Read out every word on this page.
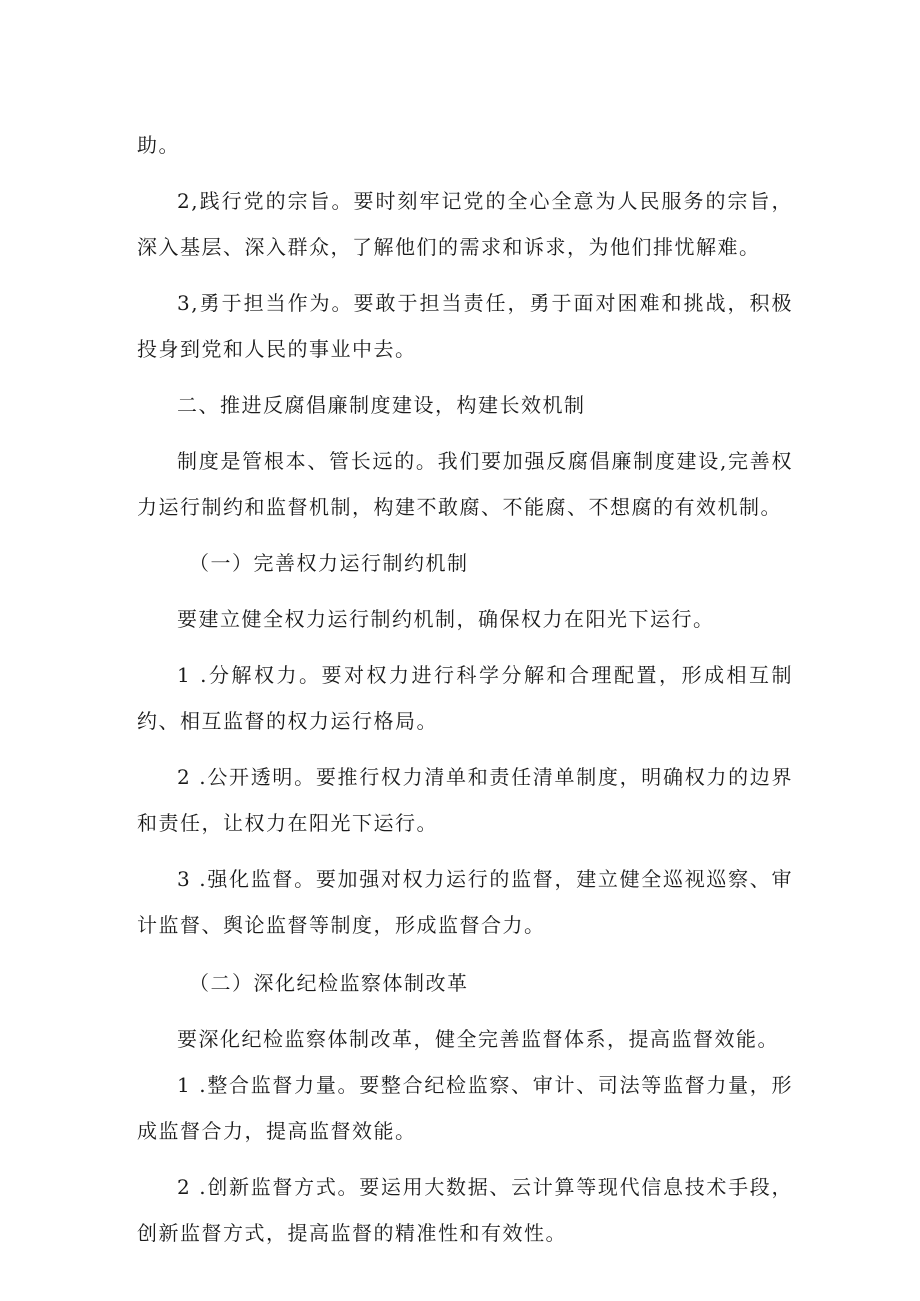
助。

2,践行党的宗旨。要时刻牢记党的全心全意为人民服务的宗旨，深入基层、深入群众，了解他们的需求和诉求，为他们排忧解难。

3,勇于担当作为。要敢于担当责任，勇于面对困难和挑战，积极投身到党和人民的事业中去。

二、推进反腐倡廉制度建设，构建长效机制

制度是管根本、管长远的。我们要加强反腐倡廉制度建设,完善权力运行制约和监督机制，构建不敢腐、不能腐、不想腐的有效机制。

（一）完善权力运行制约机制

要建立健全权力运行制约机制，确保权力在阳光下运行。

1 .分解权力。要对权力进行科学分解和合理配置，形成相互制约、相互监督的权力运行格局。

2 .公开透明。要推行权力清单和责任清单制度，明确权力的边界和责任，让权力在阳光下运行。

3 .强化监督。要加强对权力运行的监督，建立健全巡视巡察、审计监督、舆论监督等制度，形成监督合力。

（二）深化纪检监察体制改革

要深化纪检监察体制改革，健全完善监督体系，提高监督效能。

1 .整合监督力量。要整合纪检监察、审计、司法等监督力量，形成监督合力，提高监督效能。

2 .创新监督方式。要运用大数据、云计算等现代信息技术手段，创新监督方式，提高监督的精准性和有效性。
